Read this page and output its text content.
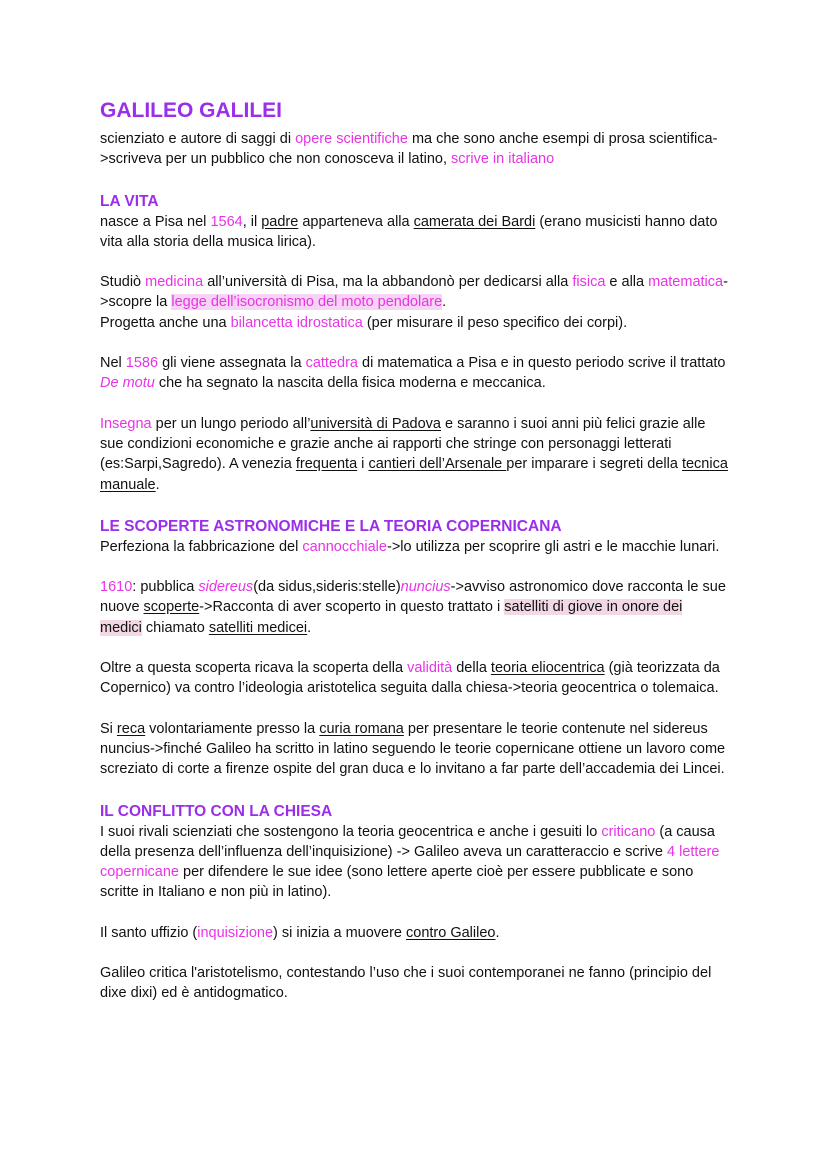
GALILEO GALILEI

scienziato e autore di saggi di opere scientifiche ma che sono anche esempi di prosa scientifica->scriveva per un pubblico che non conosceva il latino, scrive in italiano

LA VITA

nasce a Pisa nel 1564, il padre apparteneva alla camerata dei Bardi (erano musicisti hanno dato vita alla storia della musica lirica).

Studiò medicina all’università di Pisa, ma la abbandonò per dedicarsi alla fisica e alla matematica->scopre la legge dell’isocronismo del moto pendolare.
Progetta anche una bilancetta idrostatica (per misurare il peso specifico dei corpi).

Nel 1586 gli viene assegnata la cattedra di matematica a Pisa e in questo periodo scrive il trattato De motu che ha segnato la nascita della fisica moderna e meccanica.

Insegna per un lungo periodo all’università di Padova e saranno i suoi anni più felici grazie alle sue condizioni economiche e grazie anche ai rapporti che stringe con personaggi letterati (es:Sarpi,Sagredo). A venezia frequenta i cantieri dell’Arsenale per imparare i segreti della tecnica manuale.

LE SCOPERTE ASTRONOMICHE E LA TEORIA COPERNICANA

Perfeziona la fabbricazione del cannocchiale->lo utilizza per scoprire gli astri e le macchie lunari.

1610: pubblica sidereus(da sidus,sideris:stelle)nuncius->avviso astronomico dove racconta le sue nuove scoperte->Racconta di aver scoperto in questo trattato i satelliti di giove in onore dei medici chiamato satelliti medicei.

Oltre a questa scoperta ricava la scoperta della validità della teoria eliocentrica (già teorizzata da Copernico) va contro l’ideologia aristotelica seguita dalla chiesa->teoria geocentrica o tolemaica.

Si reca volontariamente presso la curia romana per presentare le teorie contenute nel sidereus nuncius->finché Galileo ha scritto in latino seguendo le teorie copernicane ottiene un lavoro come screziato di corte a firenze ospite del gran duca e lo invitano a far parte dell’accademia dei Lincei.

IL CONFLITTO CON LA CHIESA

I suoi rivali scienziati che sostengono la teoria geocentrica e anche i gesuiti lo criticano (a causa della presenza dell’influenza dell’inquisizione) -> Galileo aveva un caratteraccio e scrive 4 lettere copernicane per difendere le sue idee (sono lettere aperte cioè per essere pubblicate e sono scritte in Italiano e non più in latino).

Il santo uffizio (inquisizione) si inizia a muovere contro Galileo.

Galileo critica l'aristotelismo, contestando l’uso che i suoi contemporanei ne fanno (principio del dixe dixi) ed è antidogmatico.
